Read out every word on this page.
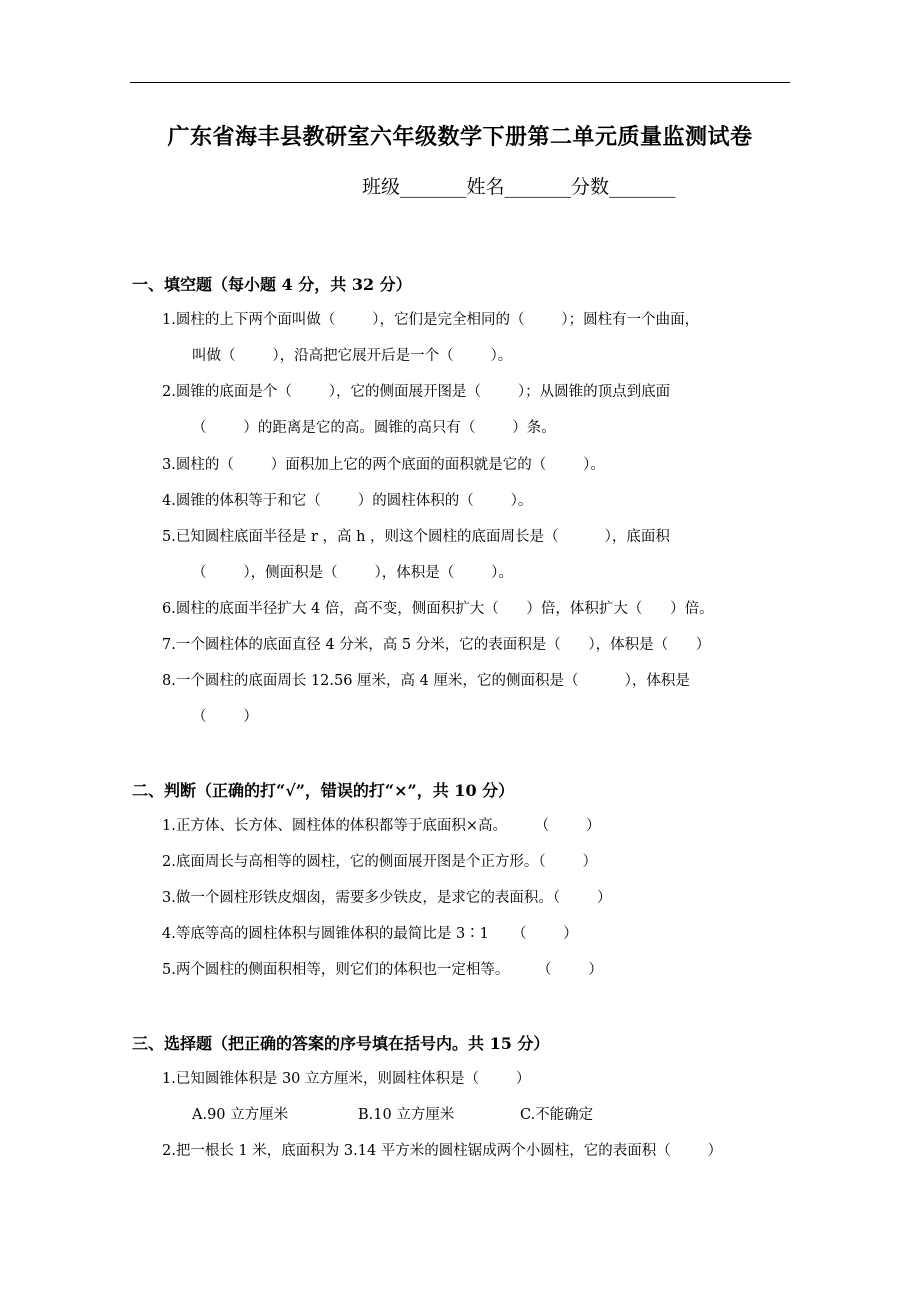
广东省海丰县教研室六年级数学下册第二单元质量监测试卷
班级_______姓名_______分数_______
一、填空题（每小题 4 分，共 32 分）
1.圆柱的上下两个面叫做（        ），它们是完全相同的（        ）；圆柱有一个曲面，
叫做（        ），沿高把它展开后是一个（        ）。
2.圆锥的底面是个（        ），它的侧面展开图是（        ）；从圆锥的顶点到底面
（        ）的距离是它的高。圆锥的高只有（        ）条。
3.圆柱的（        ）面积加上它的两个底面的面积就是它的（        ）。
4.圆锥的体积等于和它（        ）的圆柱体积的（        ）。
5.已知圆柱底面半径是 r ，高 h ，则这个圆柱的底面周长是（          ），底面积
（        ），侧面积是（        ），体积是（        ）。
6.圆柱的底面半径扩大 4 倍，高不变，侧面积扩大（      ）倍，体积扩大（      ）倍。
7.一个圆柱体的底面直径 4 分米，高 5 分米，它的表面积是（      ），体积是（      ）
8.一个圆柱的底面周长 12.56 厘米，高 4 厘米，它的侧面积是（          ），体积是
（        ）
二、判断（正确的打“√”，错误的打“×”，共 10 分）
1.正方体、长方体、圆柱体的体积都等于底面积×高。      （        ）
2.底面周长与高相等的圆柱，它的侧面展开图是个正方形。（        ）
3.做一个圆柱形铁皮烟囱，需要多少铁皮，是求它的表面积。（        ）
4.等底等高的圆柱体积与圆锥体积的最简比是 3∶1     （        ）
5.两个圆柱的侧面积相等，则它们的体积也一定相等。      （        ）
三、选择题（把正确的答案的序号填在括号内。共 15 分）
1.已知圆锥体积是 30 立方厘米，则圆柱体积是（        ）
A.90 立方厘米	B.10 立方厘米	C.不能确定
2.把一根长 1 米，底面积为 3.14 平方米的圆柱锯成两个小圆柱，它的表面积（        ）
